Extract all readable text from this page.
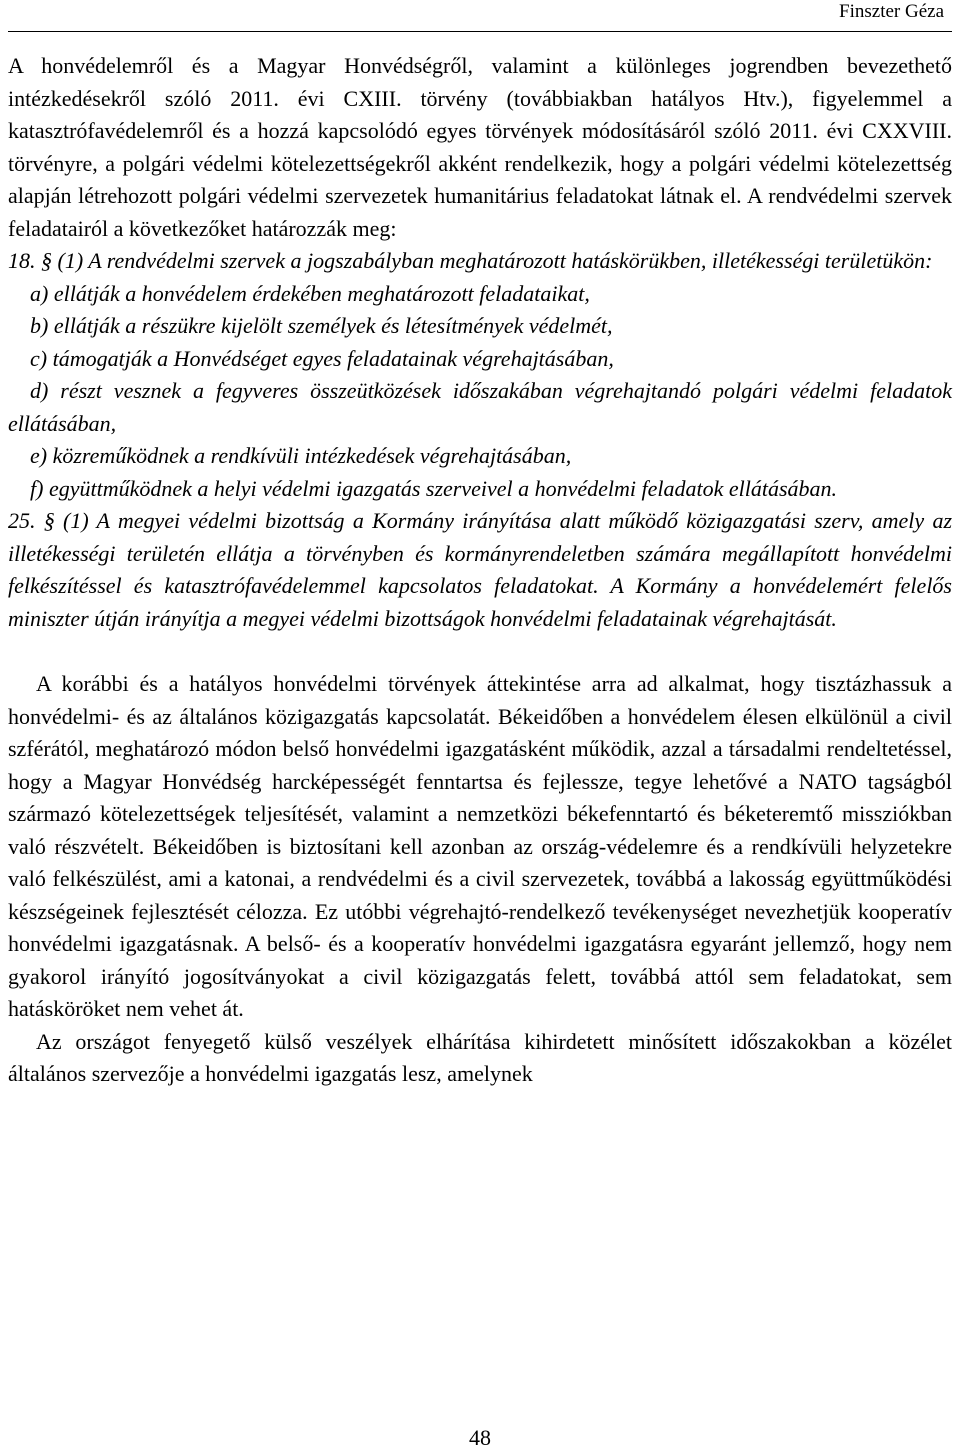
Finszter Géza

A honvédelemről és a Magyar Honvédségről, valamint a különleges jogrendben bevezethető intézkedésekről szóló 2011. évi CXIII. törvény (továbbiakban hatályos Htv.), figyelemmel a katasztrófavédelemről és a hozzá kapcsolódó egyes törvények módosításáról szóló 2011. évi CXXVIII. törvényre, a polgári védelmi kötelezettségekről akként rendelkezik, hogy a polgári védelmi kötelezettség alapján létrehozott polgári védelmi szervezetek humanitárius feladatokat látnak el. A rendvédelmi szervek feladatairól a következőket határozzák meg:

18. § (1) A rendvédelmi szervek a jogszabályban meghatározott hatáskörükben, illetékességi területükön:

a) ellátják a honvédelem érdekében meghatározott feladataikat,

b) ellátják a részükre kijelölt személyek és létesítmények védelmét,

c) támogatják a Honvédséget egyes feladatainak végrehajtásában,

d) részt vesznek a fegyveres összeütközések időszakában végrehajtandó polgári védelmi feladatok ellátásában,

e) közreműködnek a rendkívüli intézkedések végrehajtásában,

f) együttműködnek a helyi védelmi igazgatás szerveivel a honvédelmi feladatok ellátásában.

25. § (1) A megyei védelmi bizottság a Kormány irányítása alatt működő közigazgatási szerv, amely az illetékességi területén ellátja a törvényben és kormányrendeletben számára megállapított honvédelmi felkészítéssel és katasztrófavédelemmel kapcsolatos feladatokat. A Kormány a honvédelemért felelős miniszter útján irányítja a megyei védelmi bizottságok honvédelmi feladatainak végrehajtását.

A korábbi és a hatályos honvédelmi törvények áttekintése arra ad alkalmat, hogy tisztázhassuk a honvédelmi- és az általános közigazgatás kapcsolatát. Békeidőben a honvédelem élesen elkülönül a civil szférától, meghatározó módon belső honvédelmi igazgatásként működik, azzal a társadalmi rendeltetéssel, hogy a Magyar Honvédség harcképességét fenntartsa és fejlessze, tegye lehetővé a NATO tagságból származó kötelezettségek teljesítését, valamint a nemzetközi békefenntartó és béketeremtő missziókban való részvételt. Békeidőben is biztosítani kell azonban az ország-védelemre és a rendkívüli helyzetekre való felkészülést, ami a katonai, a rendvédelmi és a civil szervezetek, továbbá a lakosság együttműködési készségeinek fejlesztését célozza. Ez utóbbi végrehajtó-rendelkező tevékenységet nevezhetjük kooperatív honvédelmi igazgatásnak. A belső- és a kooperatív honvédelmi igazgatásra egyaránt jellemző, hogy nem gyakorol irányító jogosítványokat a civil közigazgatás felett, továbbá attól sem feladatokat, sem hatásköröket nem vehet át.

Az országot fenyegető külső veszélyek elhárítása kihirdetett minősített időszakokban a közélet általános szervezője a honvédelmi igazgatás lesz, amelynek

48
